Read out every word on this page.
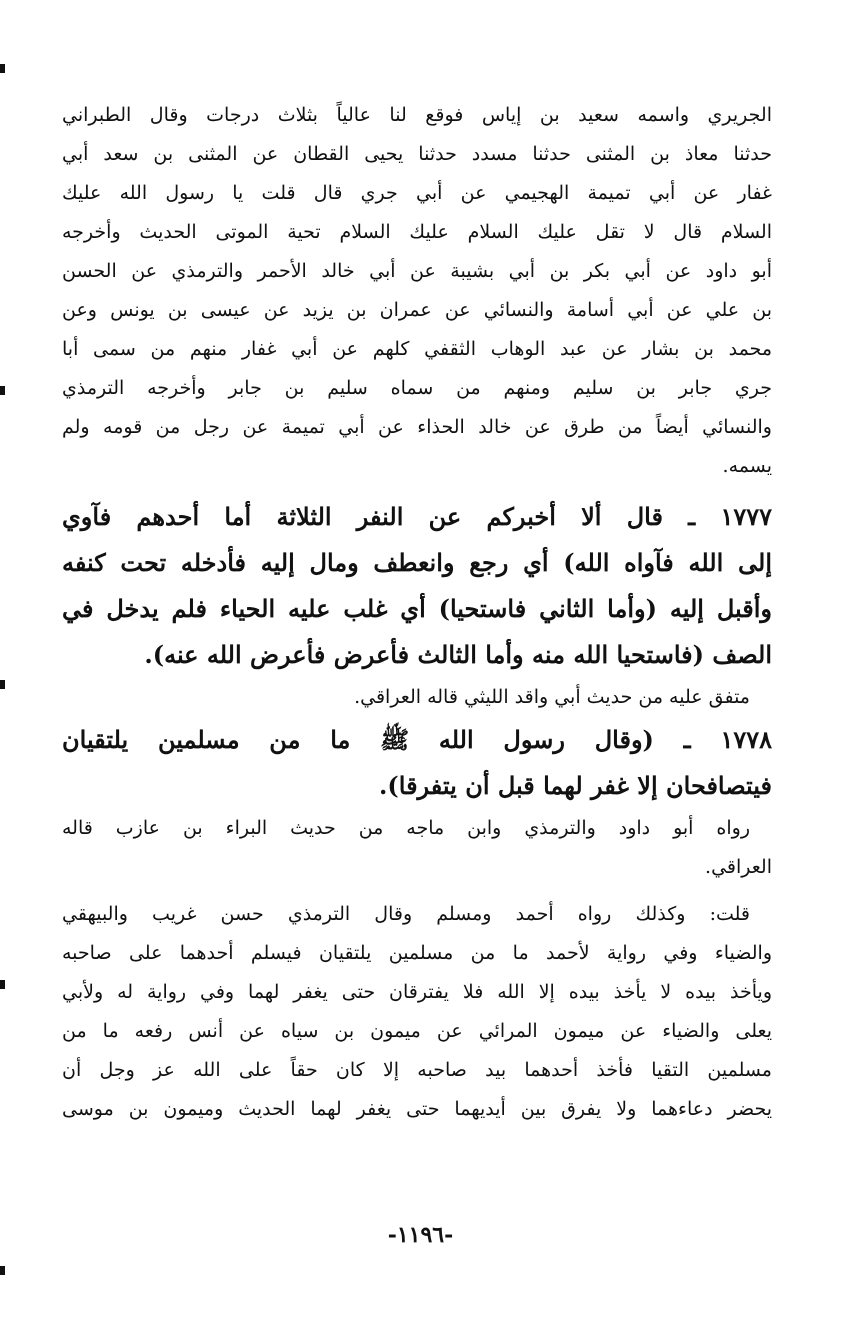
الجريري واسمه سعيد بن إياس فوقع لنا عالياً بثلاث درجات وقال الطبراني
حدثنا معاذ بن المثنى حدثنا مسدد حدثنا يحيى القطان عن المثنى بن سعد أبي
غفار عن أبي تميمة الهجيمي عن أبي جري قال قلت يا رسول الله عليك
السلام قال لا تقل عليك السلام عليك السلام تحية الموتى الحديث وأخرجه
أبو داود عن أبي بكر بن أبي بشيبة عن أبي خالد الأحمر والترمذي عن الحسن
بن علي عن أبي أسامة والنسائي عن عمران بن يزيد عن عيسى بن يونس وعن
محمد بن بشار عن عبد الوهاب الثقفي كلهم عن أبي غفار منهم من سمى أبا
جري جابر بن سليم ومنهم من سماه سليم بن جابر وأخرجه الترمذي
والنسائي أيضاً من طرق عن خالد الحذاء عن أبي تميمة عن رجل من قومه ولم
يسمه.
١٧٧٧ ـ قال ألا أخبركم عن النفر الثلاثة أما أحدهم فآوي
إلى الله فآواه الله) أي رجع وانعطف ومال إليه فأدخله تحت كنفه
وأقبل إليه (وأما الثاني فاستحيا) أي غلب عليه الحياء فلم يدخل في
الصف (فاستحيا الله منه وأما الثالث فأعرض فأعرض الله عنه).
متفق عليه من حديث أبي واقد الليثي قاله العراقي.
١٧٧٨ ـ (وقال رسول الله ﷺ ما من مسلمين يلتقيان
فيتصافحان إلا غفر لهما قبل أن يتفرقا).
رواه أبو داود والترمذي وابن ماجه من حديث البراء بن عازب قاله
العراقي.
قلت: وكذلك رواه أحمد ومسلم وقال الترمذي حسن غريب والبيهقي
والضياء وفي رواية لأحمد ما من مسلمين يلتقيان فيسلم أحدهما على صاحبه
ويأخذ بيده لا يأخذ بيده إلا الله فلا يفترقان حتى يغفر لهما وفي رواية له ولأبي
يعلى والضياء عن ميمون المرائي عن ميمون بن سياه عن أنس رفعه ما من
مسلمين التقيا فأخذ أحدهما بيد صاحبه إلا كان حقاً على الله عز وجل أن
يحضر دعاءهما ولا يفرق بين أيديهما حتى يغفر لهما الحديث وميمون بن موسى
-١١٩٦-
